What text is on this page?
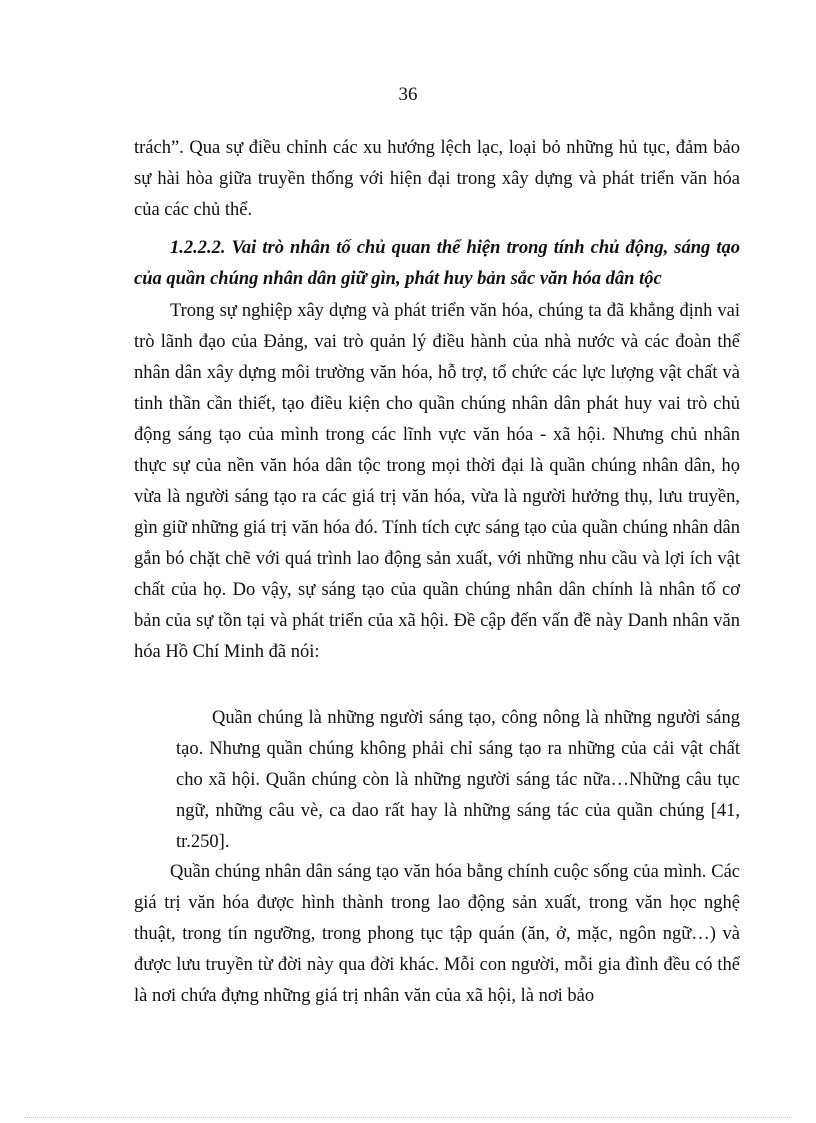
36
trách”. Qua sự điều chỉnh các xu hướng lệch lạc, loại bỏ những hủ tục, đảm bảo sự hài hòa giữa truyền thống với hiện đại trong xây dựng và phát triển văn hóa của các chủ thể.
1.2.2.2. Vai trò nhân tố chủ quan thể hiện trong tính chủ động, sáng tạo của quần chúng nhân dân giữ gìn, phát huy bản sắc văn hóa dân tộc
Trong sự nghiệp xây dựng và phát triển văn hóa, chúng ta đã khẳng định vai trò lãnh đạo của Đảng, vai trò quản lý điều hành của nhà nước và các đoàn thể nhân dân xây dựng môi trường văn hóa, hỗ trợ, tổ chức các lực lượng vật chất và tinh thần cần thiết, tạo điều kiện cho quần chúng nhân dân phát huy vai trò chủ động sáng tạo của mình trong các lĩnh vực văn hóa - xã hội. Nhưng chủ nhân thực sự của nền văn hóa dân tộc trong mọi thời đại là quần chúng nhân dân, họ vừa là người sáng tạo ra các giá trị văn hóa, vừa là người hưởng thụ, lưu truyền, gìn giữ những giá trị văn hóa đó. Tính tích cực sáng tạo của quần chúng nhân dân gắn bó chặt chẽ với quá trình lao động sản xuất, với những nhu cầu và lợi ích vật chất của họ. Do vậy, sự sáng tạo của quần chúng nhân dân chính là nhân tố cơ bản của sự tồn tại và phát triển của xã hội. Đề cập đến vấn đề này Danh nhân văn hóa Hồ Chí Minh đã nói:
Quần chúng là những người sáng tạo, công nông là những người sáng tạo. Nhưng quần chúng không phải chỉ sáng tạo ra những của cải vật chất cho xã hội. Quần chúng còn là những người sáng tác nữa…Những câu tục ngữ, những câu vè, ca dao rất hay là những sáng tác của quần chúng [41, tr.250].
Quần chúng nhân dân sáng tạo văn hóa bằng chính cuộc sống của mình. Các giá trị văn hóa được hình thành trong lao động sản xuất, trong văn học nghệ thuật, trong tín ngưỡng, trong phong tục tập quán (ăn, ở, mặc, ngôn ngữ…) và được lưu truyền từ đời này qua đời khác. Mỗi con người, mỗi gia đình đều có thể là nơi chứa đựng những giá trị nhân văn của xã hội, là nơi bảo
